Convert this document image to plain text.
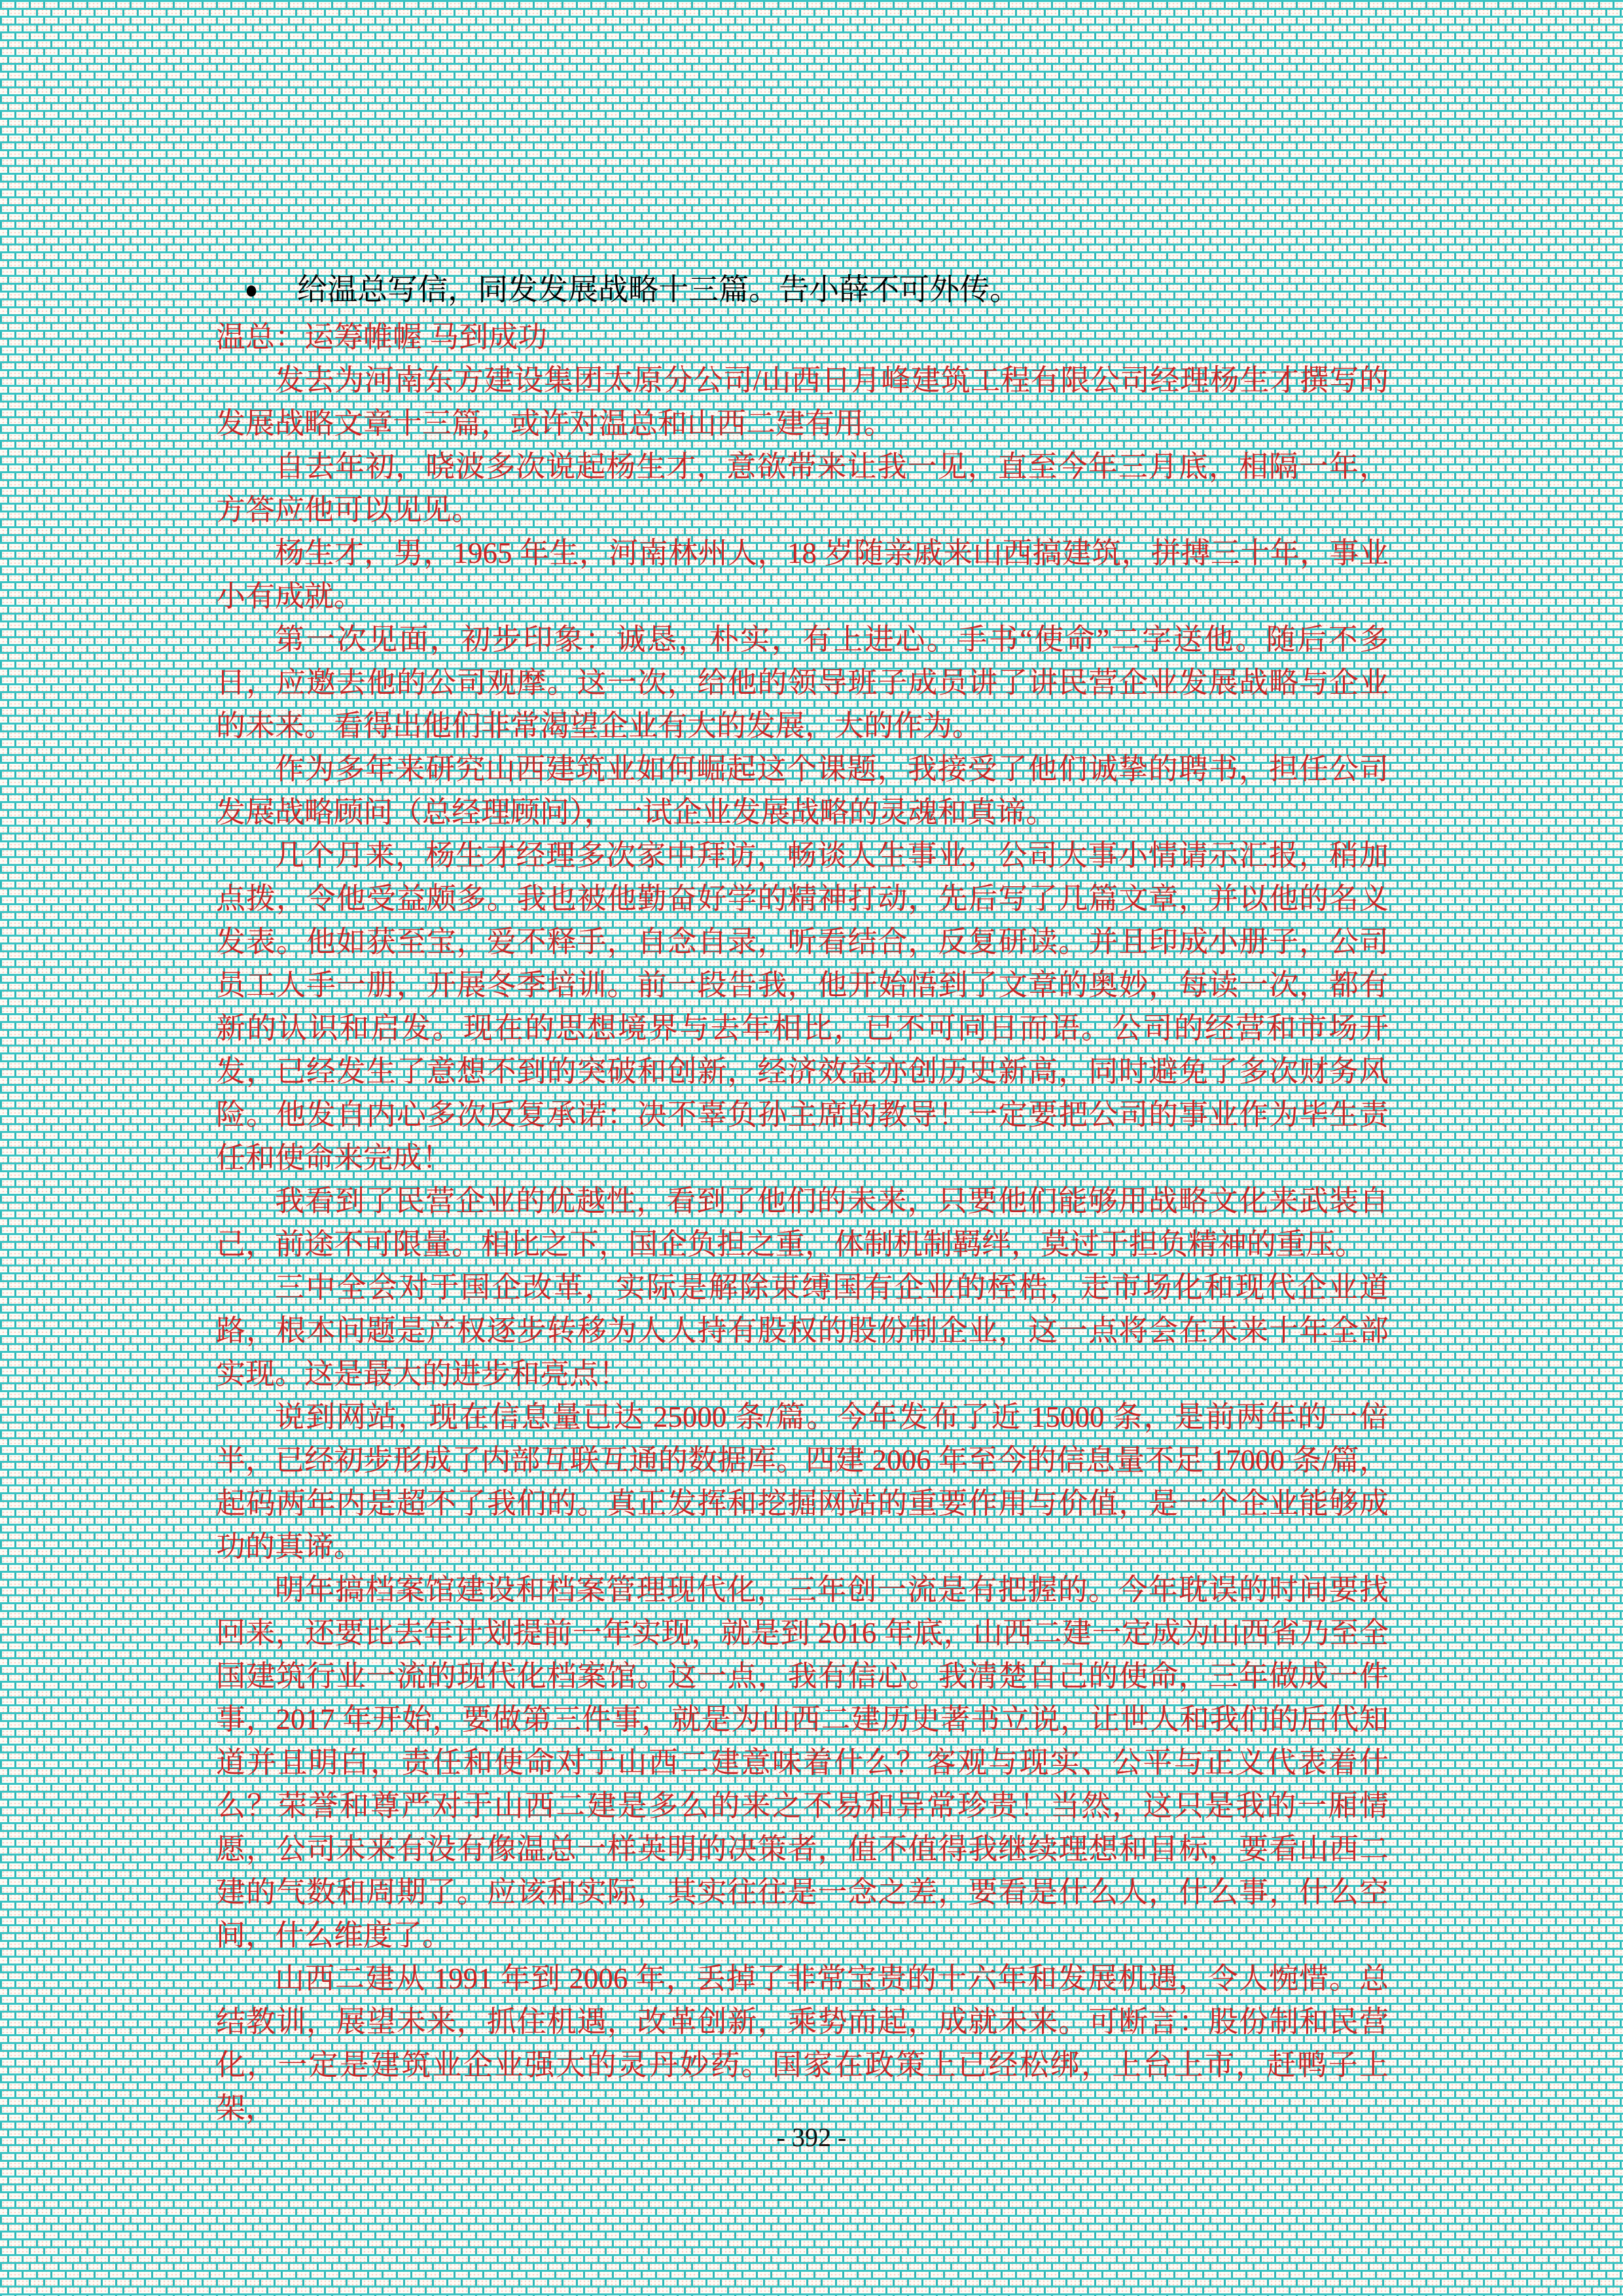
● 给温总写信，同发发展战略十三篇。告小薛不可外传。

温总：运筹帷幄 马到成功

发去为河南东方建设集团太原分公司/山西日月峰建筑工程有限公司经理杨生才撰写的发展战略文章十三篇，或许对温总和山西二建有用。

自去年初，晓波多次说起杨生才，意欲带来让我一见，直至今年三月底，相隔一年，方答应他可以见见。

杨生才，男，1965 年生，河南林州人，18 岁随亲戚来山西搞建筑，拼搏三十年，事业小有成就。

第一次见面，初步印象：诚恳，朴实，有上进心。手书“使命”二字送他。随后不多日，应邀去他的公司观摩。这一次，给他的领导班子成员讲了讲民营企业发展战略与企业的未来。看得出他们非常渴望企业有大的发展，大的作为。

作为多年来研究山西建筑业如何崛起这个课题，我接受了他们诚挚的聘书，担任公司发展战略顾问（总经理顾问），一试企业发展战略的灵魂和真谛。

几个月来，杨生才经理多次家中拜访，畅谈人生事业，公司大事小情请示汇报，稍加点拨，令他受益颇多。我也被他勤奋好学的精神打动，先后写了几篇文章，并以他的名义发表。他如获至宝，爱不释手，自念自录，听看结合，反复研读。并且印成小册子，公司员工人手一册，开展冬季培训。前一段告我，他开始悟到了文章的奥妙，每读一次，都有新的认识和启发。现在的思想境界与去年相比，已不可同日而语。公司的经营和市场开发，已经发生了意想不到的突破和创新，经济效益亦创历史新高，同时避免了多次财务风险。他发自内心多次反复承诺：决不辜负孙主席的教导！一定要把公司的事业作为毕生责任和使命来完成！

我看到了民营企业的优越性，看到了他们的未来，只要他们能够用战略文化来武装自己，前途不可限量。相比之下，国企负担之重，体制机制羁绊，莫过于担负精神的重压。

三中全会对于国企改革，实际是解除束缚国有企业的桎梏，走市场化和现代企业道路，根本问题是产权逐步转移为人人持有股权的股份制企业，这一点将会在未来十年全部实现。这是最大的进步和亮点！

说到网站，现在信息量已达 25000 条/篇。今年发布了近 15000 条，是前两年的一倍半，已经初步形成了内部互联互通的数据库。四建 2006 年至今的信息量不足 17000 条/篇，起码两年内是超不了我们的。真正发挥和挖掘网站的重要作用与价值，是一个企业能够成功的真谛。

明年搞档案馆建设和档案管理现代化，三年创一流是有把握的。今年耽误的时间要找回来，还要比去年计划提前一年实现，就是到 2016 年底，山西二建一定成为山西省乃至全国建筑行业一流的现代化档案馆。这一点，我有信心。我清楚自己的使命，三年做成一件事，2017 年开始，要做第三件事，就是为山西二建历史著书立说，让世人和我们的后代知道并且明白，责任和使命对于山西二建意味着什么？客观与现实、公平与正义代表着什么？荣誉和尊严对于山西二建是多么的来之不易和异常珍贵！当然，这只是我的一厢情愿，公司未来有没有像温总一样英明的决策者，值不值得我继续理想和目标，要看山西二建的气数和周期了。应该和实际，其实往往是一念之差，要看是什么人，什么事，什么空间，什么维度了。

山西二建从 1991 年到 2006 年，丢掉了非常宝贵的十六年和发展机遇，令人惋惜。总结教训，展望未来，抓住机遇，改革创新，乘势而起，成就未来。可断言：股份制和民营化，一定是建筑业企业强大的灵丹妙药。国家在政策上已经松绑，上台上市，赶鸭子上架，

- 392 -
